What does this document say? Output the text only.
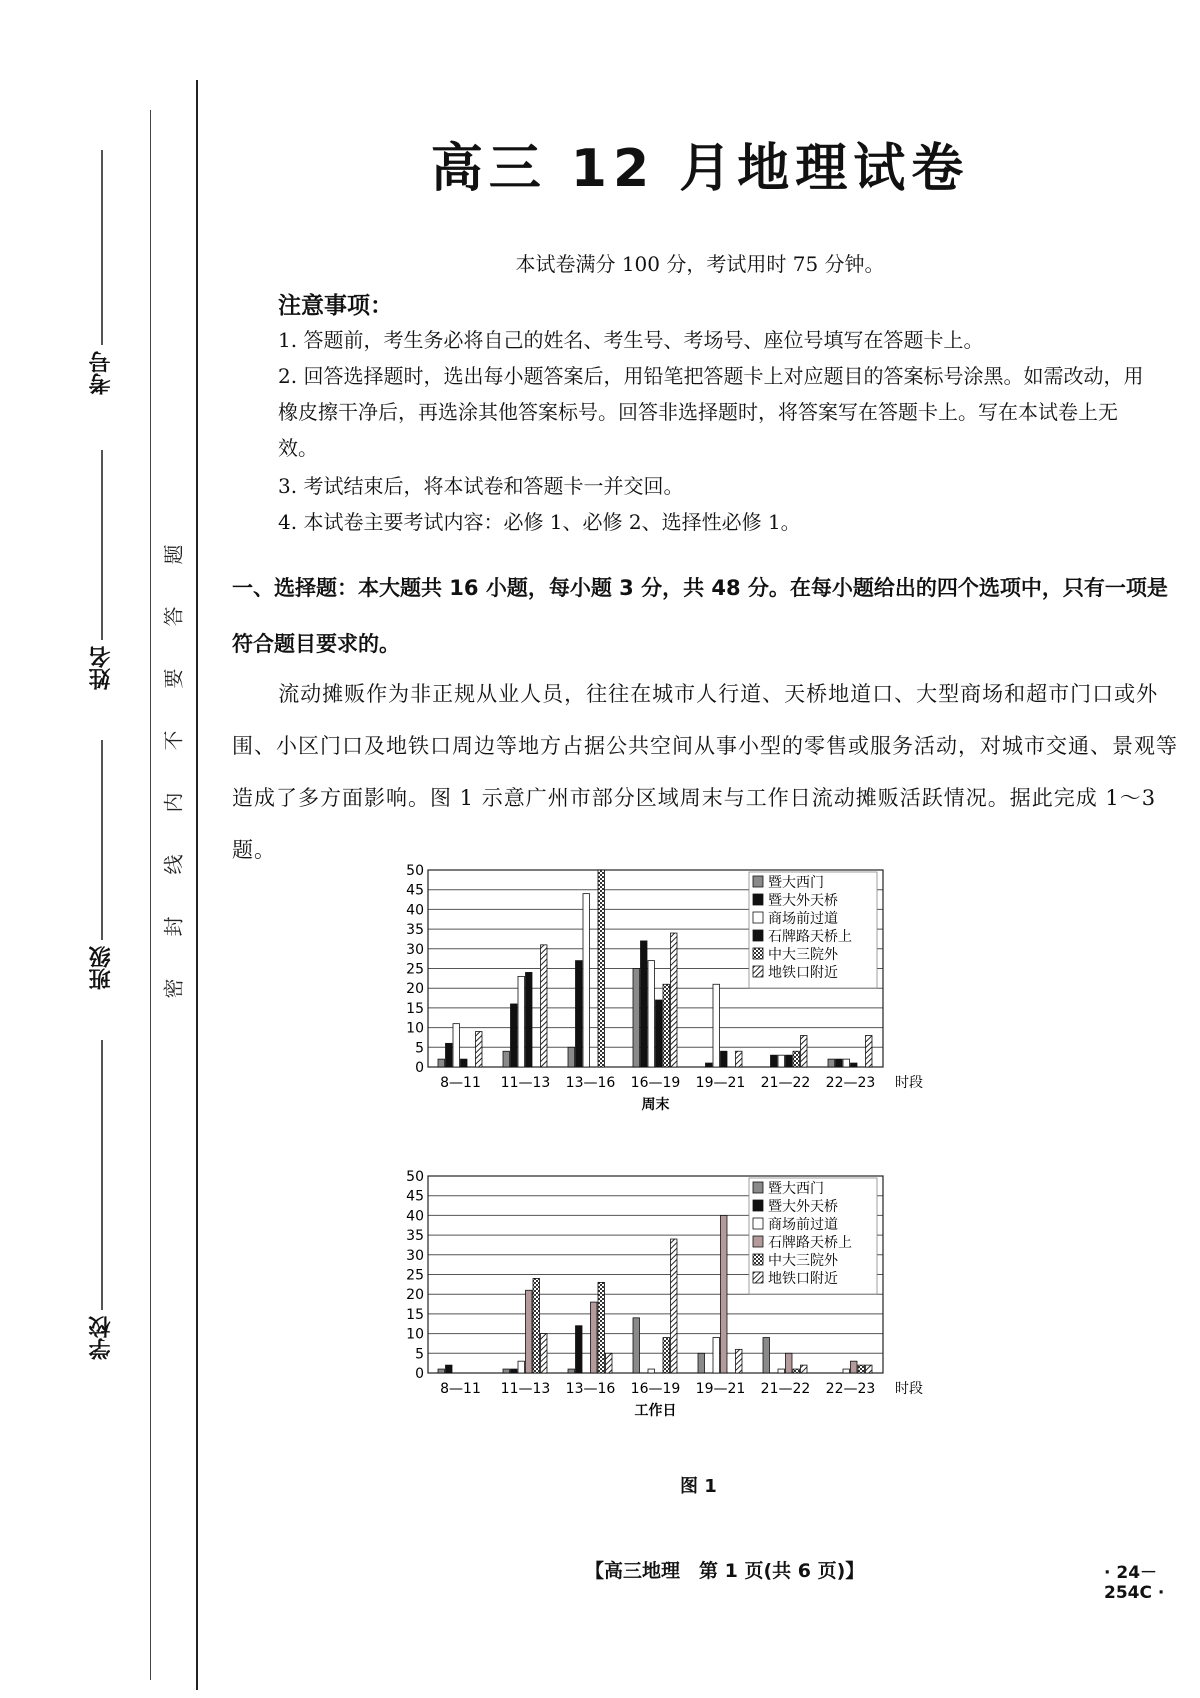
考号
姓名
班级
学校
题
答
要
不
内
线
封
密
高三 12 月地理试卷
本试卷满分 100 分，考试用时 75 分钟。
注意事项：
1. 答题前，考生务必将自己的姓名、考生号、考场号、座位号填写在答题卡上。
2. 回答选择题时，选出每小题答案后，用铅笔把答题卡上对应题目的答案标号涂黑。如需改动，用橡皮擦干净后，再选涂其他答案标号。回答非选择题时，将答案写在答题卡上。写在本试卷上无效。
3. 考试结束后，将本试卷和答题卡一并交回。
4. 本试卷主要考试内容：必修 1、必修 2、选择性必修 1。
一、选择题：本大题共 16 小题，每小题 3 分，共 48 分。在每小题给出的四个选项中，只有一项是符合题目要求的。
流动摊贩作为非正规从业人员，往往在城市人行道、天桥地道口、大型商场和超市门口或外围、小区门口及地铁口周边等地方占据公共空间从事小型的零售或服务活动，对城市交通、景观等造成了多方面影响。图 1 示意广州市部分区域周末与工作日流动摊贩活跃情况。据此完成 1～3 题。
0
5
10
15
20
25
30
35
40
45
50
8—11 11—13 13—16 16—19 19—21 21—22 22—23 时段
周末
暨大西门
暨大外天桥
商场前过道
石牌路天桥上
中大三院外
地铁口附近
0
5
10
15
20
25
30
35
40
45
50
8—11 11—13 13—16 16—19 19—21 21—22 22—23 时段
工作日
暨大西门
暨大外天桥
商场前过道
石牌路天桥上
中大三院外
地铁口附近
图 1
【高三地理　第 1 页(共 6 页)】	· 24－254C ·
